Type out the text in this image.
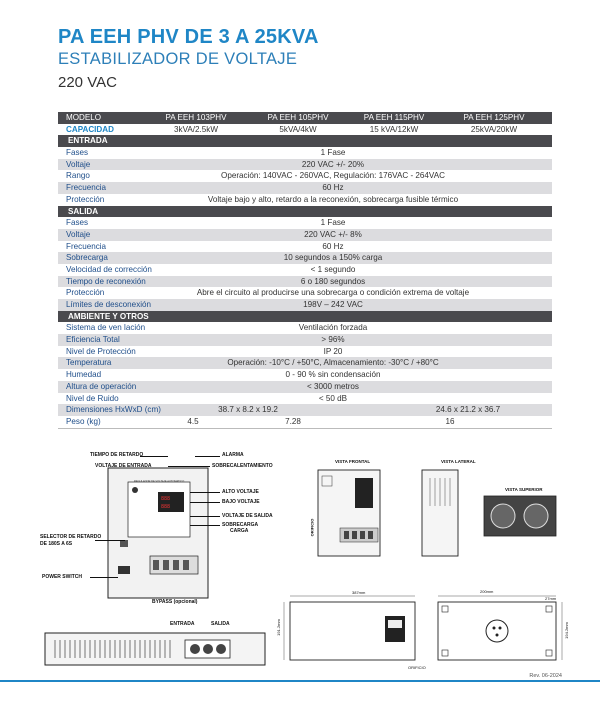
PA EEH PHV DE 3 A 25KVA
ESTABILIZADOR DE VOLTAJE
220 VAC
MODELO	PA EEH 103PHV	PA EEH 105PHV	PA EEH 115PHV	PA EEH 125PHV
CAPACIDAD	3kVA/2.5kW	5kVA/4kW	15 kVA/12kW	25kVA/20kW
ENTRADA
Fases	1 Fase
Voltaje	220 VAC +/- 20%
Rango	Operación: 140VAC - 260VAC, Regulación: 176VAC - 264VAC
Frecuencia	60 Hz
Protección	Voltaje bajo y alto, retardo a la reconexión, sobrecarga fusible térmico
SALIDA
Fases	1 Fase
Voltaje	220 VAC +/- 8%
Frecuencia	60 Hz
Sobrecarga	10 segundos a 150% carga
Velocidad de corrección	< 1 segundo
Tiempo de reconexión	6 o 180 segundos
Protección	Abre el circuito al producirse una sobrecarga o condición extrema de voltaje
Límites de desconexión	198V – 242 VAC
AMBIENTE Y OTROS
Sistema de ven lación	Ventilación forzada
Eficiencia Total	> 96%
Nivel de Protección	IP 20
Temperatura	Operación: -10°C / +50°C, Almacenamiento: -30°C / +80°C
Humedad	0 - 90 % sin condensación
Altura de operación	< 3000 metros
Nivel de Ruido	< 50 dB
Dimensiones HxWxD (cm)	38.7 x 8.2 x 19.2	24.6 x 21.2 x 36.7
Peso (kg)	4.5	7.28	16
888
888
REGULADOR DE VOLTAJE AUTOMATICO
TIEMPO DE RETARDO	ALARMA
VOLTAJE DE ENTRADA	SOBRECALENTAMIENTO
ALTO VOLTAJE
BAJO VOLTAJE
VOLTAJE DE SALIDA
SOBRECARGA
CARGA
SELECTOR DE RETARDO
DE 180S A 6S
POWER SWITCH
BYPASS (opcional)
ENTRADA	SALIDA
VISTA FRONTAL	VISTA LATERAL
VISTA SUPERIOR
ORIFICIO
387mm
191.2mm
200mm
27mm
194.2mm
ORIFICIO
Rev. 06-2024
